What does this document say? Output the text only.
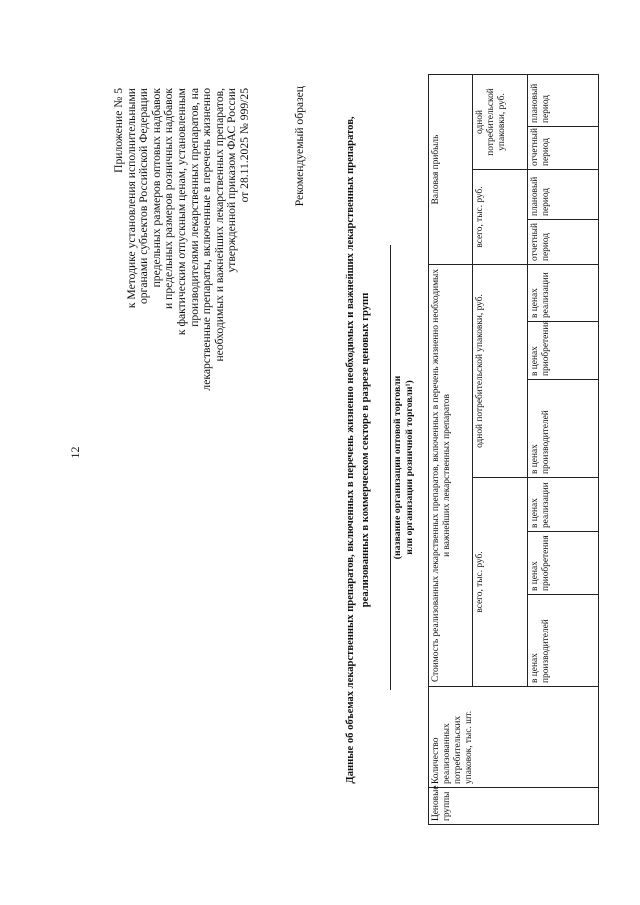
12
Приложение № 5 к Методике установления исполнительными органами субъектов Российской Федерации предельных размеров оптовых надбавок и предельных размеров розничных надбавок к фактическим отпускным ценам, установленным производителями лекарственных препаратов, на лекарственные препараты, включенные в перечень жизненно необходимых и важнейших лекарственных препаратов, утвержденной приказом ФАС России от 28.11.2025 № 999/25	Рекомендуемый образец	Данные об объемах лекарственных препаратов, включенных в перечень жизненно необходимых и важнейших лекарственных препаратов, реализованных в коммерческом секторе в разрезе ценовых групп (название организации оптовой торговли или организации розничной торговли¹)
Ценовые группы	Количество реализованных потребительских упаковок, тыс. шт.	Стоимость реализованных лекарственных препаратов, включенных в перечень жизненно необходимых и важнейших лекарственных препаратов						Валовая прибыль			
		всего, тыс. руб.			одной потребительской упаковки, руб.			всего, тыс. руб.		одной потребительской упаковки, руб.	
		в ценах производителей	в ценах приобретения	в ценах реализации	в ценах производителей	в ценах приобретения	в ценах реализации	отчетный период	плановый период	отчетный период	плановый период
